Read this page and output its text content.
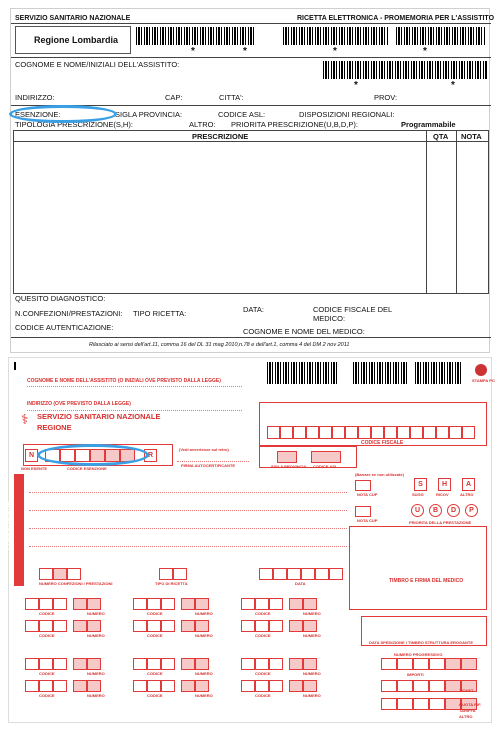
SERVIZIO SANITARIO NAZIONALE	RICETTA ELETTRONICA - PROMEMORIA PER L'ASSISTITO
Regione Lombardia
*	*	*	*
COGNOME E NOME/INIZIALI DELL'ASSISTITO:
*	*
INDIRIZZO:	CAP:	CITTA':	PROV:
ESENZIONE:	SIGLA PROVINCIA:	CODICE ASL:	DISPOSIZIONI REGIONALI:
TIPOLOGIA PRESCRIZIONE(S,H):	ALTRO: PRIORITA PRESCRIZIONE(U,B,D,P):	Programmabile
PRESCRIZIONE	QTA NOTA
QUESITO DIAGNOSTICO:
N.CONFEZIONI/PRESTAZIONI: TIPO RICETTA:	DATA:	CODICE FISCALE DEL MEDICO:
CODICE AUTENTICAZIONE:	COGNOME E NOME DEL MEDICO:
Rilasciato ai sensi dell'art.11, comma 16 del DL 31 mag 2010,n.78 e dell'art.1, comma 4 del DM 2 nov 2011
COGNOME E NOME DELL'ASSISTITO (O INIZIALI OVE PREVISTO DALLA LEGGE)
INDIRIZZO (OVE PREVISTO DALLA LEGGE)
STAMPA PC
⚕	SERVIZIO SANITARIO NAZIONALE
REGIONE
CODICE FISCALE
N
NON ESENTE	CODICE ESENZIONE
R
(Vedi avvertenze sul retro)
FIRMA AUTOCERTIFICANTE	SIGLA PROVINCIA CODICE ASL
PRESCRIZIONE
(Barrare se non utilizzate)
NOTA CUP
NOTA CUP	PRIORITA DELLA PRESTAZIONE
TIMBRO E FIRMA DEL MEDICO
NUMERO CONFEZIONI / PRESTAZIONI	TIPO DI RICETTA	DATA
DATA SPEDIZIONE / TIMBRO STRUTTURA EROGANTE
NUMERO PROGRESSIVO
IMPORTI
TICKET
QUOTA RIF. TARIFFA ALTRO
S
SUGG
H
RICOV
A
ALTRO
U	B	D	P
CODICE	NUMERO	CODICE	NUMERO	CODICE	NUMERO
CODICE	NUMERO	CODICE	NUMERO	CODICE	NUMERO
CODICE	NUMERO	CODICE	NUMERO	CODICE	NUMERO
CODICE	NUMERO	CODICE	NUMERO	CODICE	NUMERO
